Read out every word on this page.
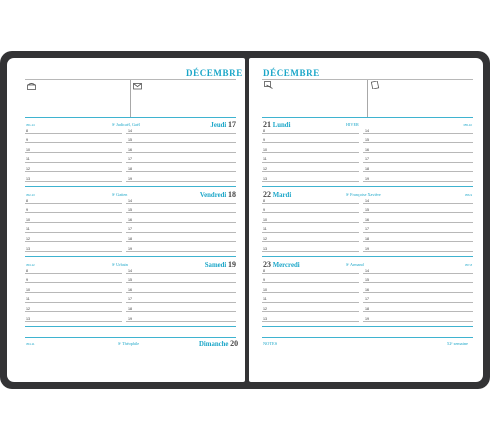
DÉCEMBRE DÉCEMBRE
354-11	Sᵗ Théophile	Dimanche 20	NOTES	52ᵉ semaine
351-14	Sᵗ Judicaël, Gaël	Jeudi 17
8	14
9	15
10	16
11	17
12	18
13	19
352-13	Sᵗ Gatien	Vendredi 18
8	14
9	15
10	16
11	17
12	18
13	19
353-12	Sᵗ Urbain	Samedi 19
8	14
9	15
10	16
11	17
12	18
13	19
21 Lundi	HIVER	355-10
8	14
9	15
10	16
11	17
12	18
13	19
22 Mardi	Sᵗ Françoise Xavière	356-9
8	14
9	15
10	16
11	17
12	18
13	19
23 Mercredi	Sᵗ Armand	357-8
8	14
9	15
10	16
11	17
12	18
13	19
